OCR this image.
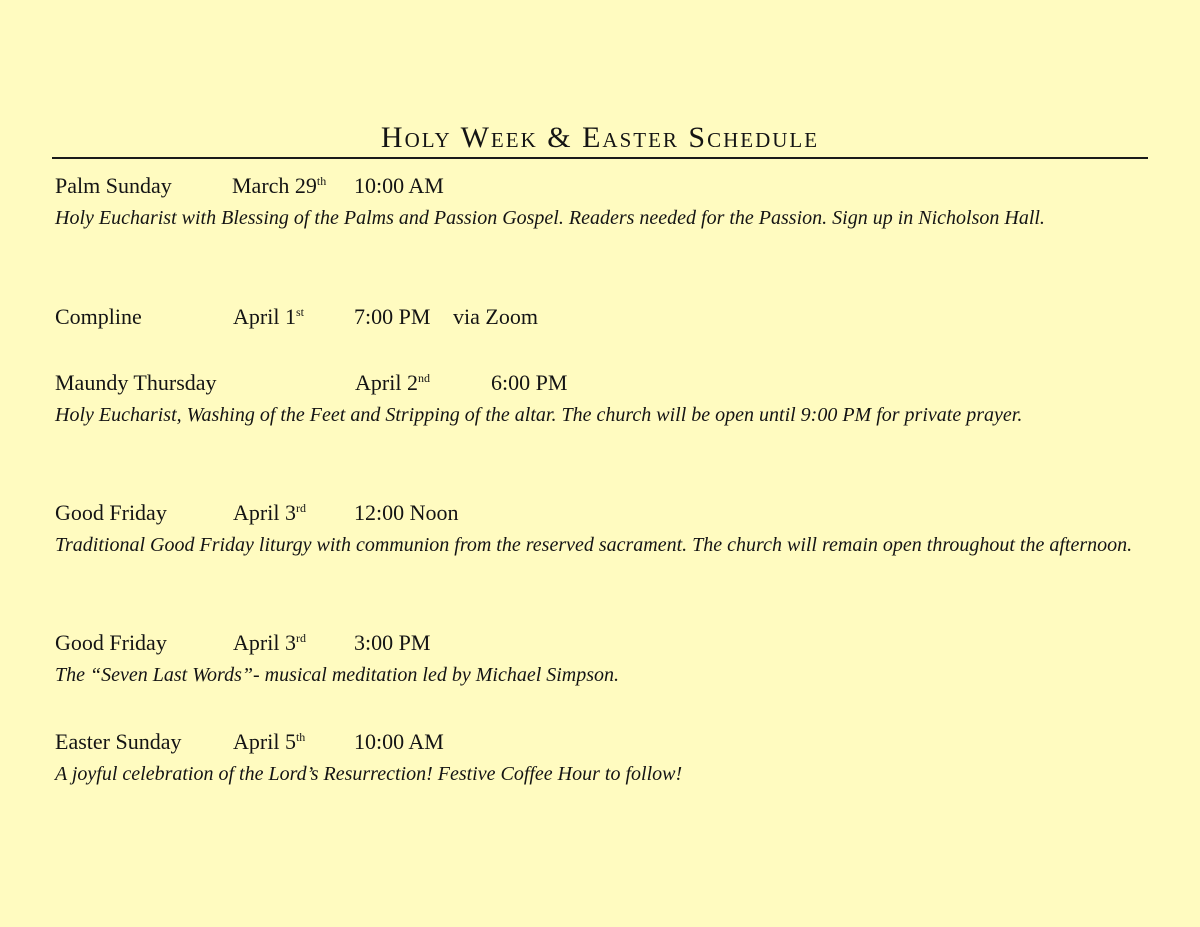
Holy Week & Easter Schedule
Palm Sunday	March 29th 10:00 AM
Holy Eucharist with Blessing of the Palms and Passion Gospel. Readers needed for the Passion. Sign up in Nicholson Hall.
Compline	April 1st 7:00 PM via Zoom
Maundy Thursday	April 2nd	6:00 PM
Holy Eucharist, Washing of the Feet and Stripping of the altar. The church will be open until 9:00 PM for private prayer.
Good Friday	April 3rd 12:00 Noon
Traditional Good Friday liturgy with communion from the reserved sacrament. The church will remain open throughout the afternoon.
Good Friday	April 3rd 3:00 PM
The “Seven Last Words”- musical meditation led by Michael Simpson.
Easter Sunday April 5th 10:00 AM
A joyful celebration of the Lord’s Resurrection! Festive Coffee Hour to follow!
